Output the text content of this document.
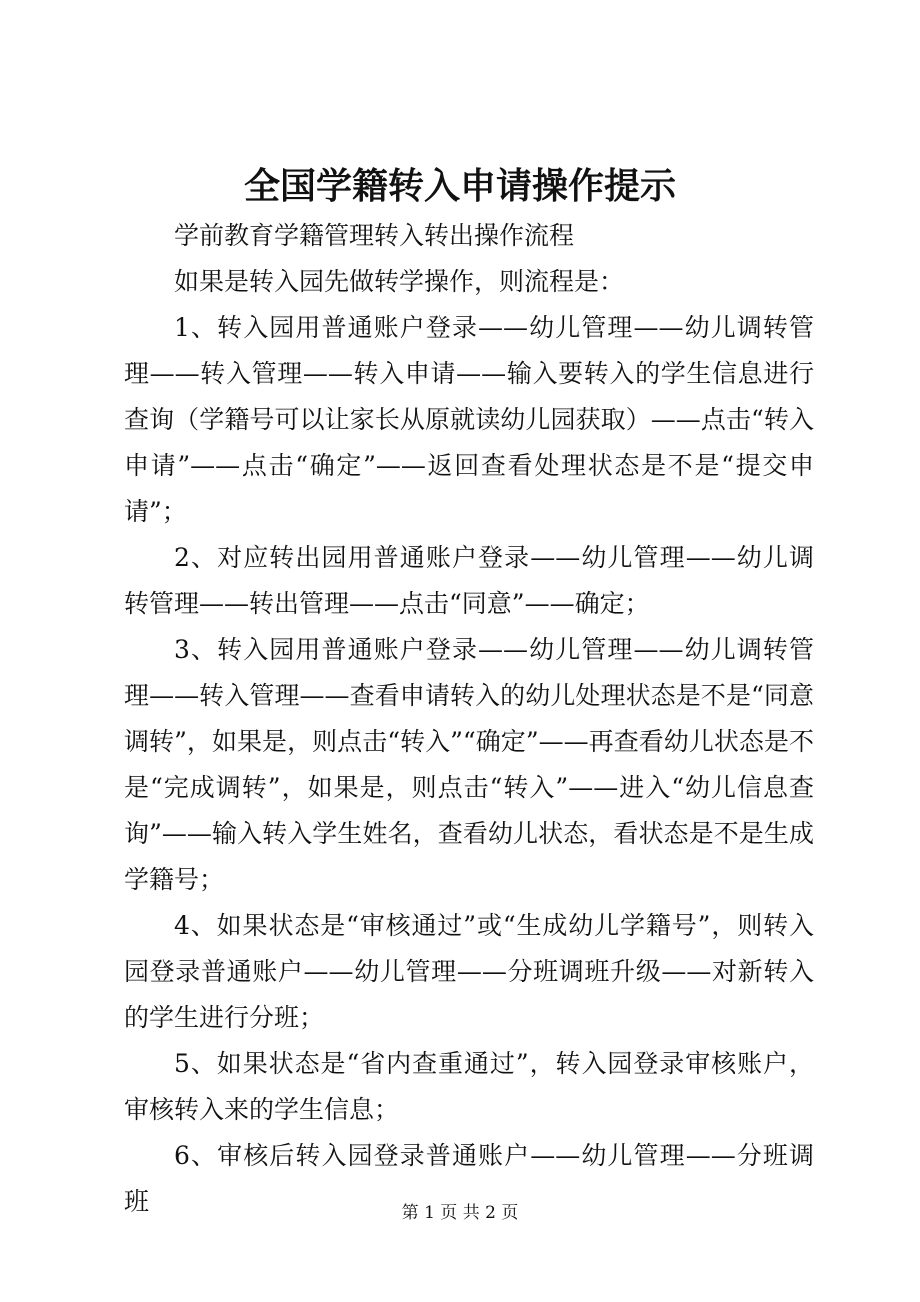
全国学籍转入申请操作提示

学前教育学籍管理转入转出操作流程

如果是转入园先做转学操作，则流程是：

1、转入园用普通账户登录——幼儿管理——幼儿调转管理——转入管理——转入申请——输入要转入的学生信息进行查询（学籍号可以让家长从原就读幼儿园获取）——点击“转入申请”——点击“确定”——返回查看处理状态是不是“提交申请”；

2、对应转出园用普通账户登录——幼儿管理——幼儿调转管理——转出管理——点击“同意”——确定；

3、转入园用普通账户登录——幼儿管理——幼儿调转管理——转入管理——查看申请转入的幼儿处理状态是不是“同意调转”，如果是，则点击“转入”“确定”——再查看幼儿状态是不是“完成调转”，如果是，则点击“转入”——进入“幼儿信息查询”——输入转入学生姓名，查看幼儿状态，看状态是不是生成学籍号；

4、如果状态是“审核通过”或“生成幼儿学籍号”，则转入园登录普通账户——幼儿管理——分班调班升级——对新转入的学生进行分班；

5、如果状态是“省内查重通过”，转入园登录审核账户，审核转入来的学生信息；

6、审核后转入园登录普通账户——幼儿管理——分班调班	第 1 页 共 2 页
